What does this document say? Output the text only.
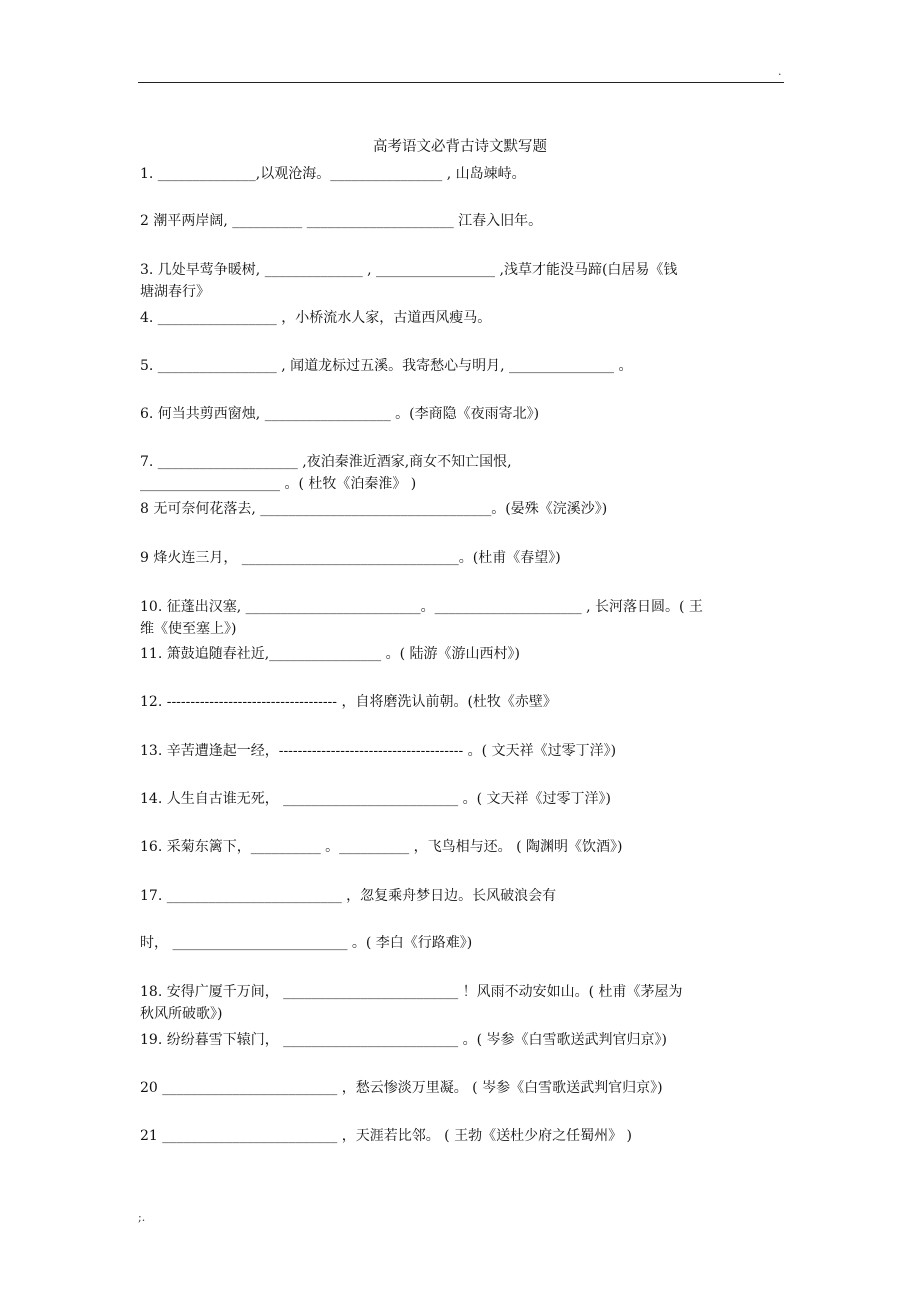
.
高考语文必背古诗文默写题
1. ______________,以观沧海。________________ , 山岛竦峙。
2 潮平两岸阔, __________ _____________________ 江春入旧年。
3. 几处早莺争暖树, ______________ , _________________ ,浅草才能没马蹄(白居易《钱
塘湖春行》
4. _________________ ，小桥流水人家，古道西风瘦马。
5. _________________ , 闻道龙标过五溪。我寄愁心与明月, _______________ 。
6. 何当共剪西窗烛, __________________ 。(李商隐《夜雨寄北》)
7. ____________________ ,夜泊秦淮近酒家,商女不知亡国恨,
____________________ 。( 杜牧《泊秦淮》 )
8 无可奈何花落去, _________________________________。(晏殊《浣溪沙》)
9 烽火连三月， _______________________________。(杜甫《春望》)
10. 征蓬出汉塞, _________________________。_____________________ , 长河落日圆。( 王
维《使至塞上》)
11. 箫鼓追随春社近,________________ 。( 陆游《游山西村》)
12. ------------------------------------ ，自将磨洗认前朝。(杜牧《赤壁》
13. 辛苦遭逢起一经，--------------------------------------- 。( 文天祥《过零丁洋》)
14. 人生自古谁无死， _________________________ 。( 文天祥《过零丁洋》)
16. 采菊东篱下，__________ 。__________ ，飞鸟相与还。 ( 陶渊明《饮酒》)
17. _________________________ ，忽复乘舟梦日边。长风破浪会有
时， _________________________ 。( 李白《行路难》)
18. 安得广厦千万间， _________________________ ！风雨不动安如山。( 杜甫《茅屋为
秋风所破歌》)
19. 纷纷暮雪下辕门， _________________________ 。( 岑参《白雪歌送武判官归京》)
20 _________________________ ，愁云惨淡万里凝。 ( 岑参《白雪歌送武判官归京》)
21 _________________________ ，天涯若比邻。 ( 王勃《送杜少府之任蜀州》 )
;.
